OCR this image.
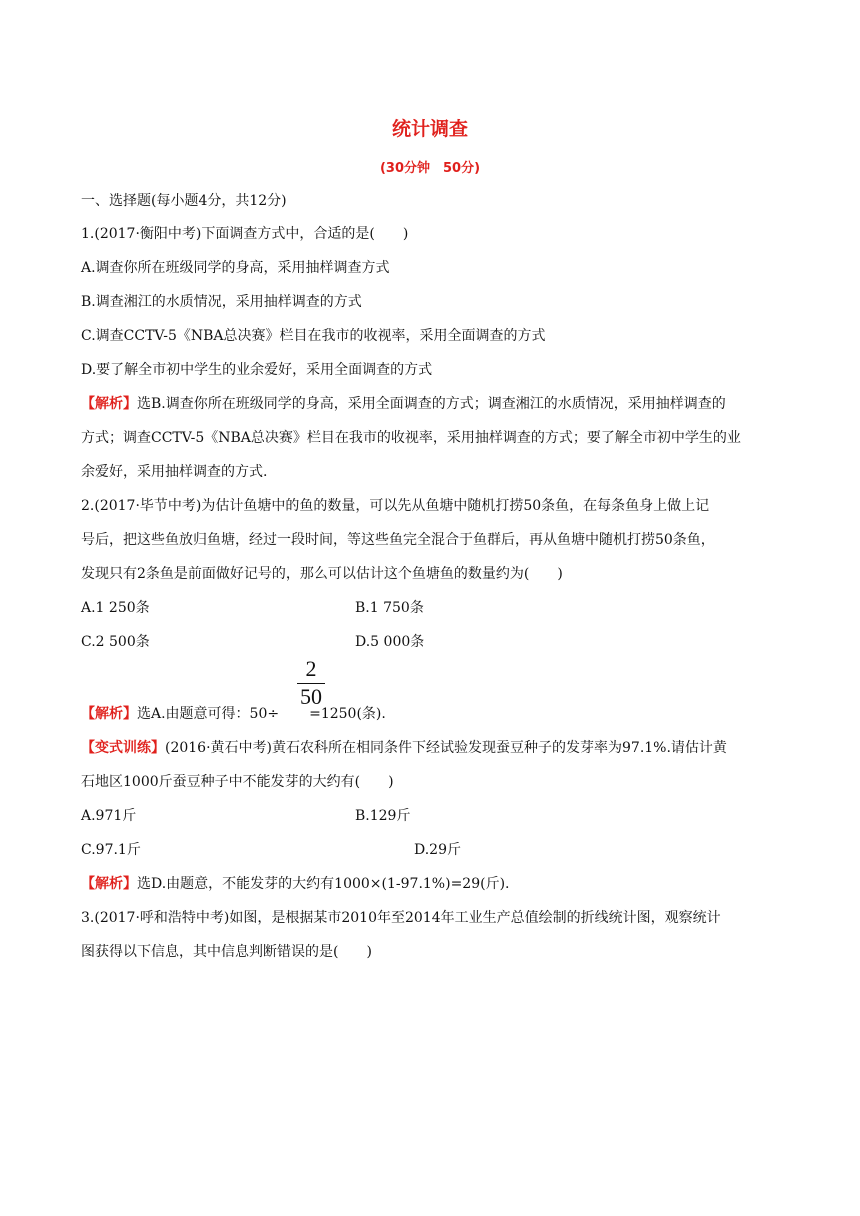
统计调查
(30分钟　50分)
一、选择题(每小题4分，共12分)
1.(2017·衡阳中考)下面调查方式中，合适的是(　　)
A.调查你所在班级同学的身高，采用抽样调查方式
B.调查湘江的水质情况，采用抽样调查的方式
C.调查CCTV-5《NBA总决赛》栏目在我市的收视率，采用全面调查的方式
D.要了解全市初中学生的业余爱好，采用全面调查的方式
【解析】选B.调查你所在班级同学的身高，采用全面调查的方式；调查湘江的水质情况，采用抽样调查的
方式；调查CCTV-5《NBA总决赛》栏目在我市的收视率，采用抽样调查的方式；要了解全市初中学生的业
余爱好，采用抽样调查的方式.
2.(2017·毕节中考)为估计鱼塘中的鱼的数量，可以先从鱼塘中随机打捞50条鱼，在每条鱼身上做上记
号后，把这些鱼放归鱼塘，经过一段时间，等这些鱼完全混合于鱼群后，再从鱼塘中随机打捞50条鱼，
发现只有2条鱼是前面做好记号的，那么可以估计这个鱼塘鱼的数量约为(　　)
A.1 250条	B.1 750条
C.2 500条	D.5 000条
2
50
【解析】选A.由题意可得：50÷ =1250(条).
【变式训练】(2016·黄石中考)黄石农科所在相同条件下经试验发现蚕豆种子的发芽率为97.1%.请估计黄
石地区1000斤蚕豆种子中不能发芽的大约有(　　)
A.971斤	B.129斤
C.97.1斤	D.29斤
【解析】选D.由题意，不能发芽的大约有1000×(1-97.1%)=29(斤).
3.(2017·呼和浩特中考)如图，是根据某市2010年至2014年工业生产总值绘制的折线统计图，观察统计
图获得以下信息，其中信息判断错误的是(　　)
